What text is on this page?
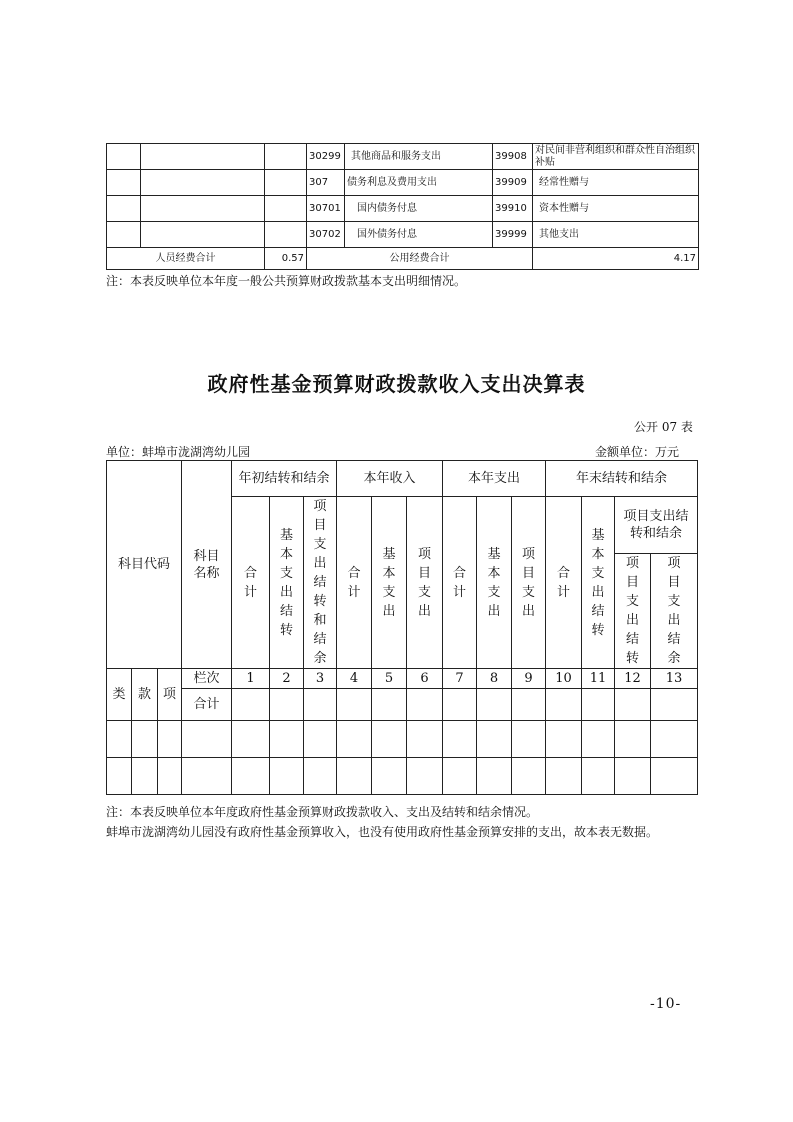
			30299	其他商品和服务支出	39908	对民间非营利组织和群众性自治组织补贴
			307	债务利息及费用支出	39909	经常性赠与
			30701	国内债务付息	39910	资本性赠与
			30702	国外债务付息	39999	其他支出
人员经费合计		0.57	公用经费合计			4.17
注：本表反映单位本年度一般公共预算财政拨款基本支出明细情况。
政府性基金预算财政拨款收入支出决算表
公开 07 表
单位：蚌埠市泷湖湾幼儿园	金额单位：万元
科目代码			科目名称	年初结转和结余			本年收入			本年支出			年末结转和结余			
				合计	基本支出结转	项目支出结转和结余	合计	基本支出	项目支出	合计	基本支出	项目支出	合计	基本支出结转	项目支出结转和结余	
															项目支出结转	项目支出结余
类	款	项	栏次	1	2	3	4	5	6	7	8	9	10	11	12	13
			合计													

注：本表反映单位本年度政府性基金预算财政拨款收入、支出及结转和结余情况。
蚌埠市泷湖湾幼儿园没有政府性基金预算收入，也没有使用政府性基金预算安排的支出，故本表无数据。
-10-
